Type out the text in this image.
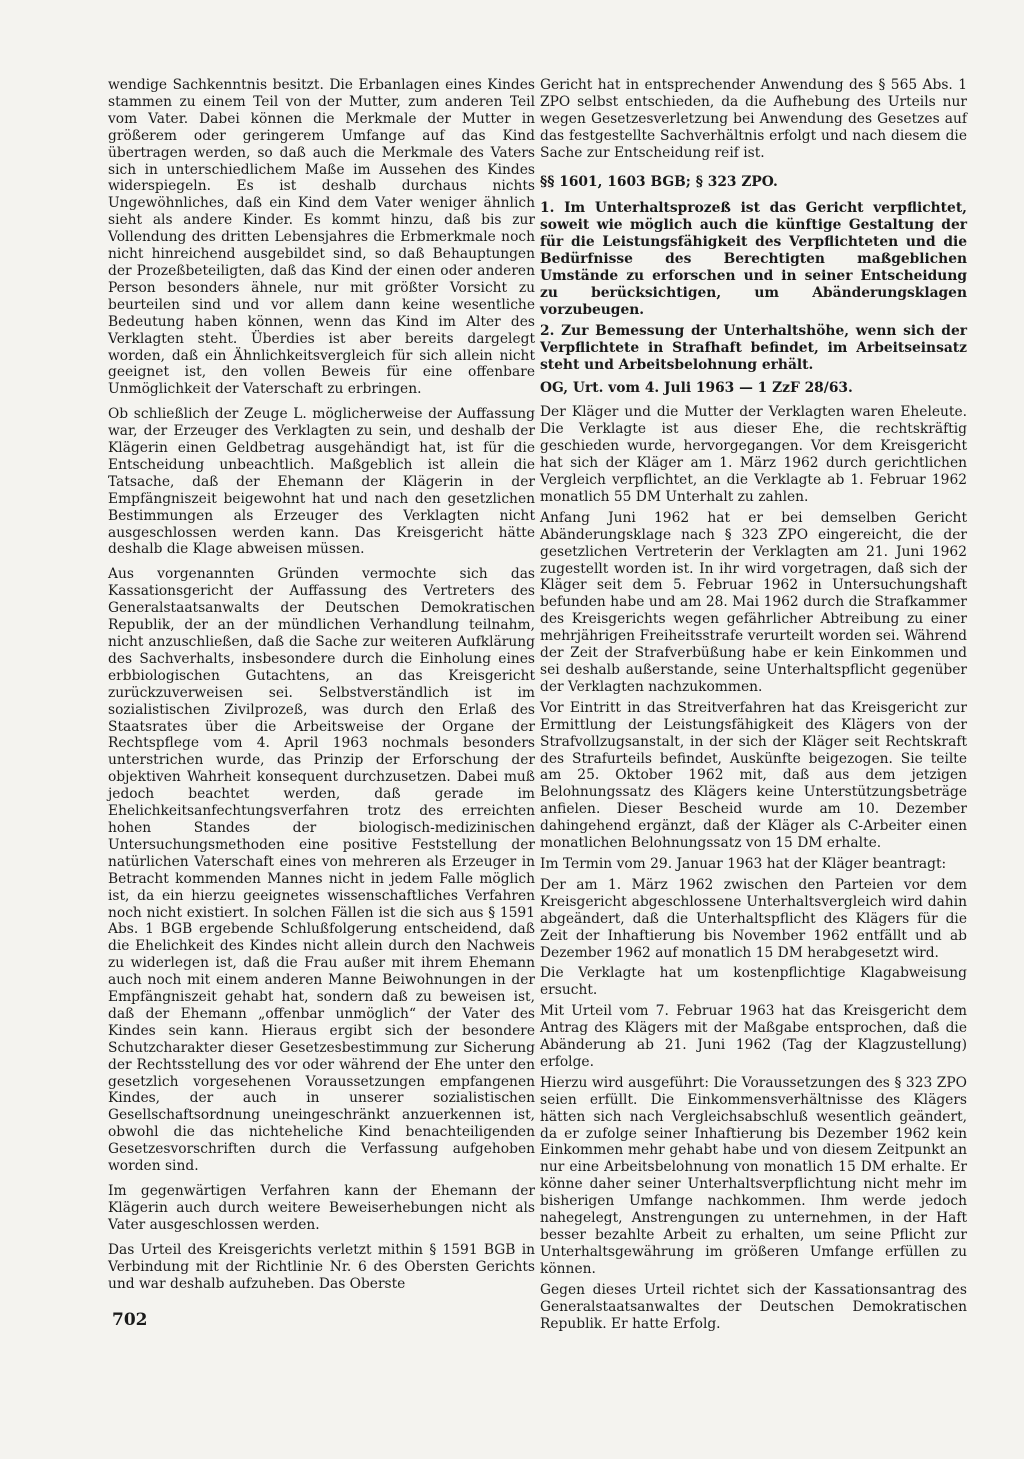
wendige Sachkenntnis besitzt. Die Erbanlagen eines Kindes stammen zu einem Teil von der Mutter, zum anderen Teil vom Vater. Dabei können die Merkmale der Mutter in größerem oder geringerem Umfange auf das Kind übertragen werden, so daß auch die Merkmale des Vaters sich in unterschiedlichem Maße im Aussehen des Kindes widerspiegeln. Es ist deshalb durchaus nichts Ungewöhnliches, daß ein Kind dem Vater weniger ähnlich sieht als andere Kinder. Es kommt hinzu, daß bis zur Vollendung des dritten Lebensjahres die Erbmerkmale noch nicht hinreichend ausgebildet sind, so daß Behauptungen der Prozeßbeteiligten, daß das Kind der einen oder anderen Person besonders ähnele, nur mit größter Vorsicht zu beurteilen sind und vor allem dann keine wesentliche Bedeutung haben können, wenn das Kind im Alter des Verklagten steht. Überdies ist aber bereits dargelegt worden, daß ein Ähnlichkeitsvergleich für sich allein nicht geeignet ist, den vollen Beweis für eine offenbare Unmöglichkeit der Vaterschaft zu erbringen.

Ob schließlich der Zeuge L. möglicherweise der Auffassung war, der Erzeuger des Verklagten zu sein, und deshalb der Klägerin einen Geldbetrag ausgehändigt hat, ist für die Entscheidung unbeachtlich. Maßgeblich ist allein die Tatsache, daß der Ehemann der Klägerin in der Empfängniszeit beigewohnt hat und nach den gesetzlichen Bestimmungen als Erzeuger des Verklagten nicht ausgeschlossen werden kann. Das Kreisgericht hätte deshalb die Klage abweisen müssen.

Aus vorgenannten Gründen vermochte sich das Kassationsgericht der Auffassung des Vertreters des Generalstaatsanwalts der Deutschen Demokratischen Republik, der an der mündlichen Verhandlung teilnahm, nicht anzuschließen, daß die Sache zur weiteren Aufklärung des Sachverhalts, insbesondere durch die Einholung eines erbbiologischen Gutachtens, an das Kreisgericht zurückzuverweisen sei. Selbstverständlich ist im sozialistischen Zivilprozeß, was durch den Erlaß des Staatsrates über die Arbeitsweise der Organe der Rechtspflege vom 4. April 1963 nochmals besonders unterstrichen wurde, das Prinzip der Erforschung der objektiven Wahrheit konsequent durchzusetzen. Dabei muß jedoch beachtet werden, daß gerade im Ehelichkeitsanfechtungsverfahren trotz des erreichten hohen Standes der biologisch-medizinischen Untersuchungsmethoden eine positive Feststellung der natürlichen Vaterschaft eines von mehreren als Erzeuger in Betracht kommenden Mannes nicht in jedem Falle möglich ist, da ein hierzu geeignetes wissenschaftliches Verfahren noch nicht existiert. In solchen Fällen ist die sich aus § 1591 Abs. 1 BGB ergebende Schlußfolgerung entscheidend, daß die Ehelichkeit des Kindes nicht allein durch den Nachweis zu widerlegen ist, daß die Frau außer mit ihrem Ehemann auch noch mit einem anderen Manne Beiwohnungen in der Empfängniszeit gehabt hat, sondern daß zu beweisen ist, daß der Ehemann „offenbar unmöglich“ der Vater des Kindes sein kann. Hieraus ergibt sich der besondere Schutzcharakter dieser Gesetzesbestimmung zur Sicherung der Rechtsstellung des vor oder während der Ehe unter den gesetzlich vorgesehenen Voraussetzungen empfangenen Kindes, der auch in unserer sozialistischen Gesellschaftsordnung uneingeschränkt anzuerkennen ist, obwohl die das nichteheliche Kind benachteiligenden Gesetzesvorschriften durch die Verfassung aufgehoben worden sind.

Im gegenwärtigen Verfahren kann der Ehemann der Klägerin auch durch weitere Beweiserhebungen nicht als Vater ausgeschlossen werden.

Das Urteil des Kreisgerichts verletzt mithin § 1591 BGB in Verbindung mit der Richtlinie Nr. 6 des Obersten Gerichts und war deshalb aufzuheben. Das Oberste

Gericht hat in entsprechender Anwendung des § 565 Abs. 1 ZPO selbst entschieden, da die Aufhebung des Urteils nur wegen Gesetzesverletzung bei Anwendung des Gesetzes auf das festgestellte Sachverhältnis erfolgt und nach diesem die Sache zur Entscheidung reif ist.

§§ 1601, 1603 BGB; § 323 ZPO.

1. Im Unterhaltsprozeß ist das Gericht verpflichtet, soweit wie möglich auch die künftige Gestaltung der für die Leistungsfähigkeit des Verpflichteten und die Bedürfnisse des Berechtigten maßgeblichen Umstände zu erforschen und in seiner Entscheidung zu berücksichtigen, um Abänderungsklagen vorzubeugen.

2. Zur Bemessung der Unterhaltshöhe, wenn sich der Verpflichtete in Strafhaft befindet, im Arbeitseinsatz steht und Arbeitsbelohnung erhält.

OG, Urt. vom 4. Juli 1963 — 1 ZzF 28/63.

Der Kläger und die Mutter der Verklagten waren Eheleute. Die Verklagte ist aus dieser Ehe, die rechtskräftig geschieden wurde, hervorgegangen. Vor dem Kreisgericht hat sich der Kläger am 1. März 1962 durch gerichtlichen Vergleich verpflichtet, an die Verklagte ab 1. Februar 1962 monatlich 55 DM Unterhalt zu zahlen.

Anfang Juni 1962 hat er bei demselben Gericht Abänderungsklage nach § 323 ZPO eingereicht, die der gesetzlichen Vertreterin der Verklagten am 21. Juni 1962 zugestellt worden ist. In ihr wird vorgetragen, daß sich der Kläger seit dem 5. Februar 1962 in Untersuchungshaft befunden habe und am 28. Mai 1962 durch die Strafkammer des Kreisgerichts wegen gefährlicher Abtreibung zu einer mehrjährigen Freiheitsstrafe verurteilt worden sei. Während der Zeit der Strafverbüßung habe er kein Einkommen und sei deshalb außerstande, seine Unterhaltspflicht gegenüber der Verklagten nachzukommen.

Vor Eintritt in das Streitverfahren hat das Kreisgericht zur Ermittlung der Leistungsfähigkeit des Klägers von der Strafvollzugsanstalt, in der sich der Kläger seit Rechtskraft des Strafurteils befindet, Auskünfte beigezogen. Sie teilte am 25. Oktober 1962 mit, daß aus dem jetzigen Belohnungssatz des Klägers keine Unterstützungsbeträge anfielen. Dieser Bescheid wurde am 10. Dezember dahingehend ergänzt, daß der Kläger als C-Arbeiter einen monatlichen Belohnungssatz von 15 DM erhalte.

Im Termin vom 29. Januar 1963 hat der Kläger beantragt:

Der am 1. März 1962 zwischen den Parteien vor dem Kreisgericht abgeschlossene Unterhaltsvergleich wird dahin abgeändert, daß die Unterhaltspflicht des Klägers für die Zeit der Inhaftierung bis November 1962 entfällt und ab Dezember 1962 auf monatlich 15 DM herabgesetzt wird.

Die Verklagte hat um kostenpflichtige Klagabweisung ersucht.

Mit Urteil vom 7. Februar 1963 hat das Kreisgericht dem Antrag des Klägers mit der Maßgabe entsprochen, daß die Abänderung ab 21. Juni 1962 (Tag der Klagzustellung) erfolge.

Hierzu wird ausgeführt: Die Voraussetzungen des § 323 ZPO seien erfüllt. Die Einkommensverhältnisse des Klägers hätten sich nach Vergleichsabschluß wesentlich geändert, da er zufolge seiner Inhaftierung bis Dezember 1962 kein Einkommen mehr gehabt habe und von diesem Zeitpunkt an nur eine Arbeitsbelohnung von monatlich 15 DM erhalte. Er könne daher seiner Unterhaltsverpflichtung nicht mehr im bisherigen Umfange nachkommen. Ihm werde jedoch nahegelegt, Anstrengungen zu unternehmen, in der Haft besser bezahlte Arbeit zu erhalten, um seine Pflicht zur Unterhaltsgewährung im größeren Umfange erfüllen zu können.

Gegen dieses Urteil richtet sich der Kassationsantrag des Generalstaatsanwaltes der Deutschen Demokratischen Republik. Er hatte Erfolg.

702
